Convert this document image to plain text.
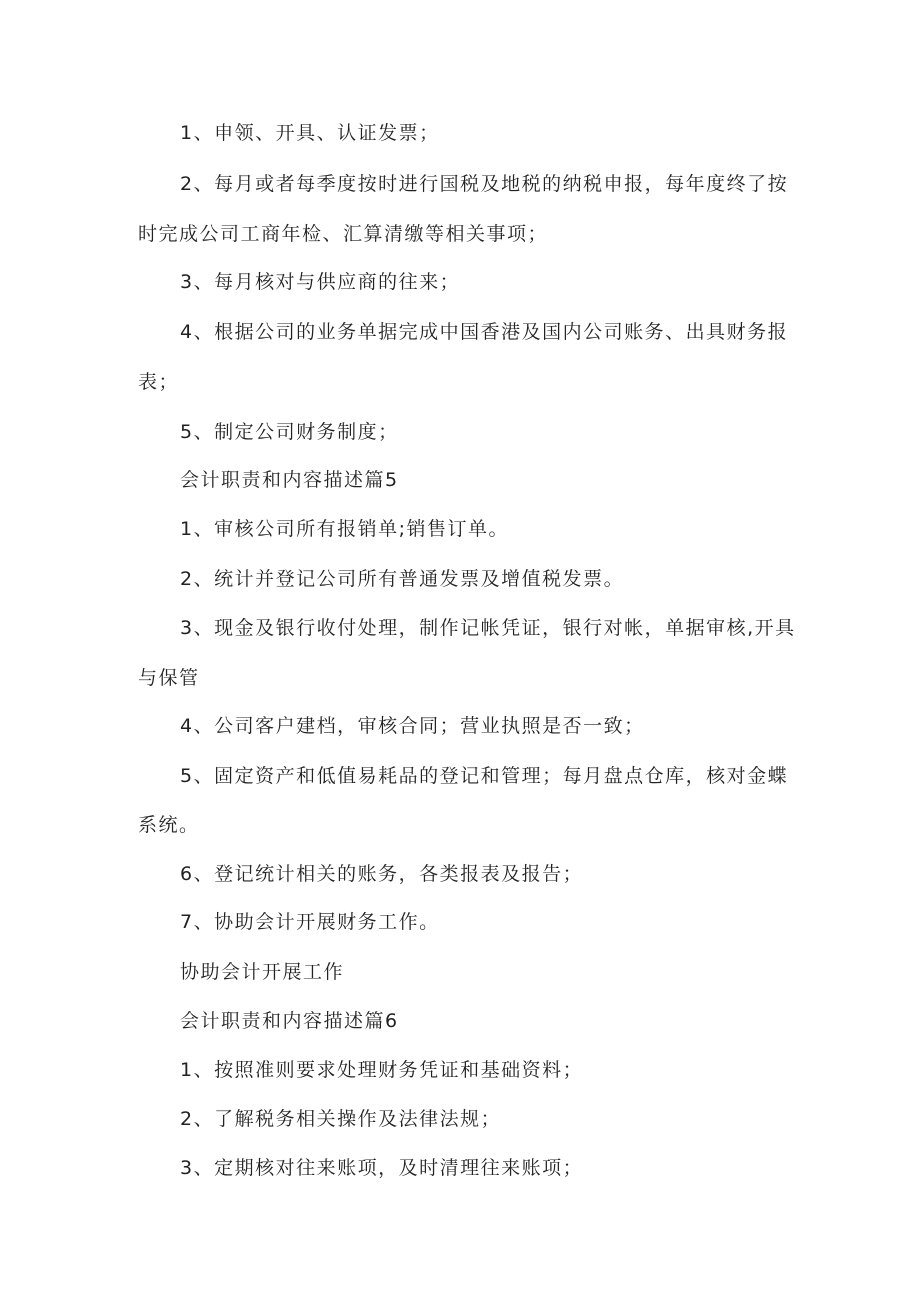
1、申领、开具、认证发票；
2、每月或者每季度按时进行国税及地税的纳税申报，每年度终了按
时完成公司工商年检、汇算清缴等相关事项；
3、每月核对与供应商的往来；
4、根据公司的业务单据完成中国香港及国内公司账务、出具财务报
表；
5、制定公司财务制度；
会计职责和内容描述篇5
1、审核公司所有报销单;销售订单。
2、统计并登记公司所有普通发票及增值税发票。
3、现金及银行收付处理，制作记帐凭证，银行对帐，单据审核,开具
与保管
4、公司客户建档，审核合同；营业执照是否一致；
5、固定资产和低值易耗品的登记和管理；每月盘点仓库，核对金蝶
系统。
6、登记统计相关的账务，各类报表及报告；
7、协助会计开展财务工作。
协助会计开展工作
会计职责和内容描述篇6
1、按照准则要求处理财务凭证和基础资料；
2、了解税务相关操作及法律法规；
3、定期核对往来账项，及时清理往来账项；
